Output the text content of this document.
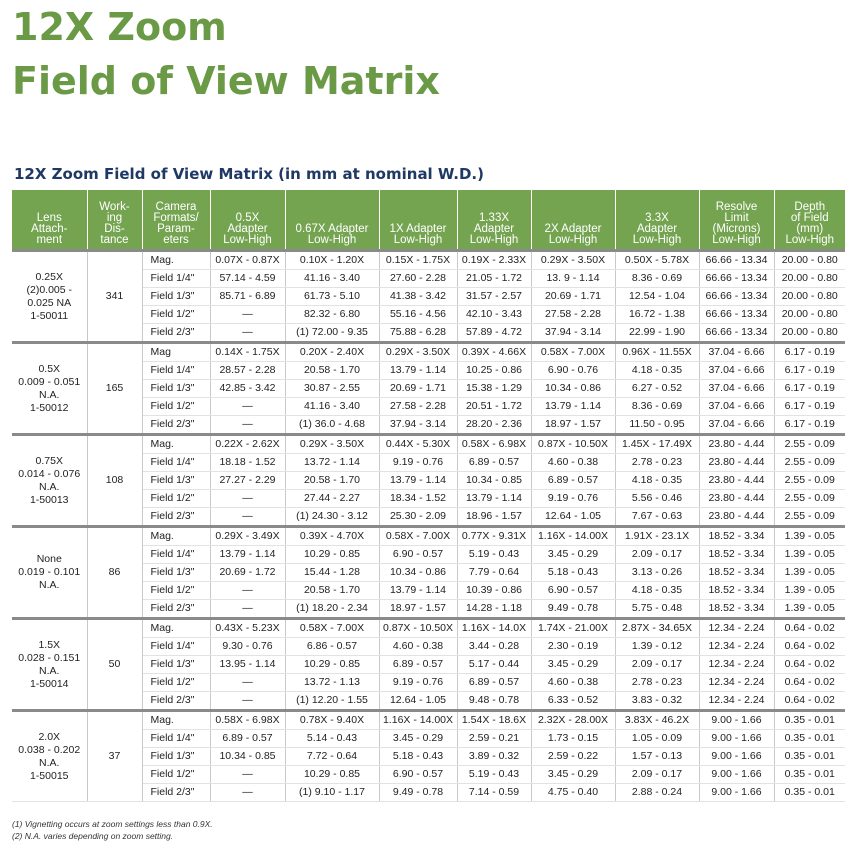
12X Zoom
Field of View Matrix
12X Zoom Field of View Matrix (in mm at nominal W.D.)
Lens
Attach-
ment	Work-
ing
Dis-
tance	Camera
Formats/
Param-
eters	0.5X
Adapter
Low-High	0.67X Adapter
Low-High	1X Adapter
Low-High	1.33X
Adapter
Low-High	2X Adapter
Low-High	3.3X
Adapter
Low-High	Resolve
Limit
(Microns)
Low-High	Depth
of Field
(mm)
Low-High

0.25X
(2)0.005 -
0.025 NA
1-50011	341	Mag.	0.07X - 0.87X	0.10X - 1.20X	0.15X - 1.75X	0.19X - 2.33X	0.29X - 3.50X	0.50X - 5.78X	66.66 - 13.34	20.00 - 0.80
		Field 1/4"	57.14 - 4.59	41.16 - 3.40	27.60 - 2.28	21.05 - 1.72	13. 9 - 1.14	8.36 - 0.69	66.66 - 13.34	20.00 - 0.80
		Field 1/3"	85.71 - 6.89	61.73 - 5.10	41.38 - 3.42	31.57 - 2.57	20.69 - 1.71	12.54 - 1.04	66.66 - 13.34	20.00 - 0.80
		Field 1/2"	—	82.32 - 6.80	55.16 - 4.56	42.10 - 3.43	27.58 - 2.28	16.72 - 1.38	66.66 - 13.34	20.00 - 0.80
		Field 2/3"	—	(1) 72.00 - 9.35	75.88 - 6.28	57.89 - 4.72	37.94 - 3.14	22.99 - 1.90	66.66 - 13.34	20.00 - 0.80

0.5X
0.009 - 0.051
N.A.
1-50012	165	Mag	0.14X - 1.75X	0.20X - 2.40X	0.29X - 3.50X	0.39X - 4.66X	0.58X - 7.00X	0.96X - 11.55X	37.04 - 6.66	6.17 - 0.19
		Field 1/4"	28.57 - 2.28	20.58 - 1.70	13.79 - 1.14	10.25 - 0.86	6.90 - 0.76	4.18 - 0.35	37.04 - 6.66	6.17 - 0.19
		Field 1/3"	42.85 - 3.42	30.87 - 2.55	20.69 - 1.71	15.38 - 1.29	10.34 - 0.86	6.27 - 0.52	37.04 - 6.66	6.17 - 0.19
		Field 1/2"	—	41.16 - 3.40	27.58 - 2.28	20.51 - 1.72	13.79 - 1.14	8.36 - 0.69	37.04 - 6.66	6.17 - 0.19
		Field 2/3"	—	(1) 36.0 - 4.68	37.94 - 3.14	28.20 - 2.36	18.97 - 1.57	11.50 - 0.95	37.04 - 6.66	6.17 - 0.19

0.75X
0.014 - 0.076
N.A.
1-50013	108	Mag.	0.22X - 2.62X	0.29X - 3.50X	0.44X - 5.30X	0.58X - 6.98X	0.87X - 10.50X	1.45X - 17.49X	23.80 - 4.44	2.55 - 0.09
		Field 1/4"	18.18 - 1.52	13.72 - 1.14	9.19 - 0.76	6.89 - 0.57	4.60 - 0.38	2.78 - 0.23	23.80 - 4.44	2.55 - 0.09
		Field 1/3"	27.27 - 2.29	20.58 - 1.70	13.79 - 1.14	10.34 - 0.85	6.89 - 0.57	4.18 - 0.35	23.80 - 4.44	2.55 - 0.09
		Field 1/2"	—	27.44 - 2.27	18.34 - 1.52	13.79 - 1.14	9.19 - 0.76	5.56 - 0.46	23.80 - 4.44	2.55 - 0.09
		Field 2/3"	—	(1) 24.30 - 3.12	25.30 - 2.09	18.96 - 1.57	12.64 - 1.05	7.67 - 0.63	23.80 - 4.44	2.55 - 0.09

None
0.019 - 0.101
N.A.	86	Mag.	0.29X - 3.49X	0.39X - 4.70X	0.58X - 7.00X	0.77X - 9.31X	1.16X - 14.00X	1.91X - 23.1X	18.52 - 3.34	1.39 - 0.05
		Field 1/4"	13.79 - 1.14	10.29 - 0.85	6.90 - 0.57	5.19 - 0.43	3.45 - 0.29	2.09 - 0.17	18.52 - 3.34	1.39 - 0.05
		Field 1/3"	20.69 - 1.72	15.44 - 1.28	10.34 - 0.86	7.79 - 0.64	5.18 - 0.43	3.13 - 0.26	18.52 - 3.34	1.39 - 0.05
		Field 1/2"	—	20.58 - 1.70	13.79 - 1.14	10.39 - 0.86	6.90 - 0.57	4.18 - 0.35	18.52 - 3.34	1.39 - 0.05
		Field 2/3"	—	(1) 18.20 - 2.34	18.97 - 1.57	14.28 - 1.18	9.49 - 0.78	5.75 - 0.48	18.52 - 3.34	1.39 - 0.05

1.5X
0.028 - 0.151
N.A.
1-50014	50	Mag.	0.43X - 5.23X	0.58X - 7.00X	0.87X - 10.50X	1.16X - 14.0X	1.74X - 21.00X	2.87X - 34.65X	12.34 - 2.24	0.64 - 0.02
		Field 1/4"	9.30 - 0.76	6.86 - 0.57	4.60 - 0.38	3.44 - 0.28	2.30 - 0.19	1.39 - 0.12	12.34 - 2.24	0.64 - 0.02
		Field 1/3"	13.95 - 1.14	10.29 - 0.85	6.89 - 0.57	5.17 - 0.44	3.45 - 0.29	2.09 - 0.17	12.34 - 2.24	0.64 - 0.02
		Field 1/2"	—	13.72 - 1.13	9.19 - 0.76	6.89 - 0.57	4.60 - 0.38	2.78 - 0.23	12.34 - 2.24	0.64 - 0.02
		Field 2/3"	—	(1) 12.20 - 1.55	12.64 - 1.05	9.48 - 0.78	6.33 - 0.52	3.83 - 0.32	12.34 - 2.24	0.64 - 0.02

2.0X
0.038 - 0.202
N.A.
1-50015	37	Mag.	0.58X - 6.98X	0.78X - 9.40X	1.16X - 14.00X	1.54X - 18.6X	2.32X - 28.00X	3.83X - 46.2X	9.00 - 1.66	0.35 - 0.01
		Field 1/4"	6.89 - 0.57	5.14 - 0.43	3.45 - 0.29	2.59 - 0.21	1.73 - 0.15	1.05 - 0.09	9.00 - 1.66	0.35 - 0.01
		Field 1/3"	10.34 - 0.85	7.72 - 0.64	5.18 - 0.43	3.89 - 0.32	2.59 - 0.22	1.57 - 0.13	9.00 - 1.66	0.35 - 0.01
		Field 1/2"	—	10.29 - 0.85	6.90 - 0.57	5.19 - 0.43	3.45 - 0.29	2.09 - 0.17	9.00 - 1.66	0.35 - 0.01
		Field 2/3"	—	(1) 9.10 - 1.17	9.49 - 0.78	7.14 - 0.59	4.75 - 0.40	2.88 - 0.24	9.00 - 1.66	0.35 - 0.01
(1) Vignetting occurs at zoom settings less than 0.9X.
(2) N.A. varies depending on zoom setting.
